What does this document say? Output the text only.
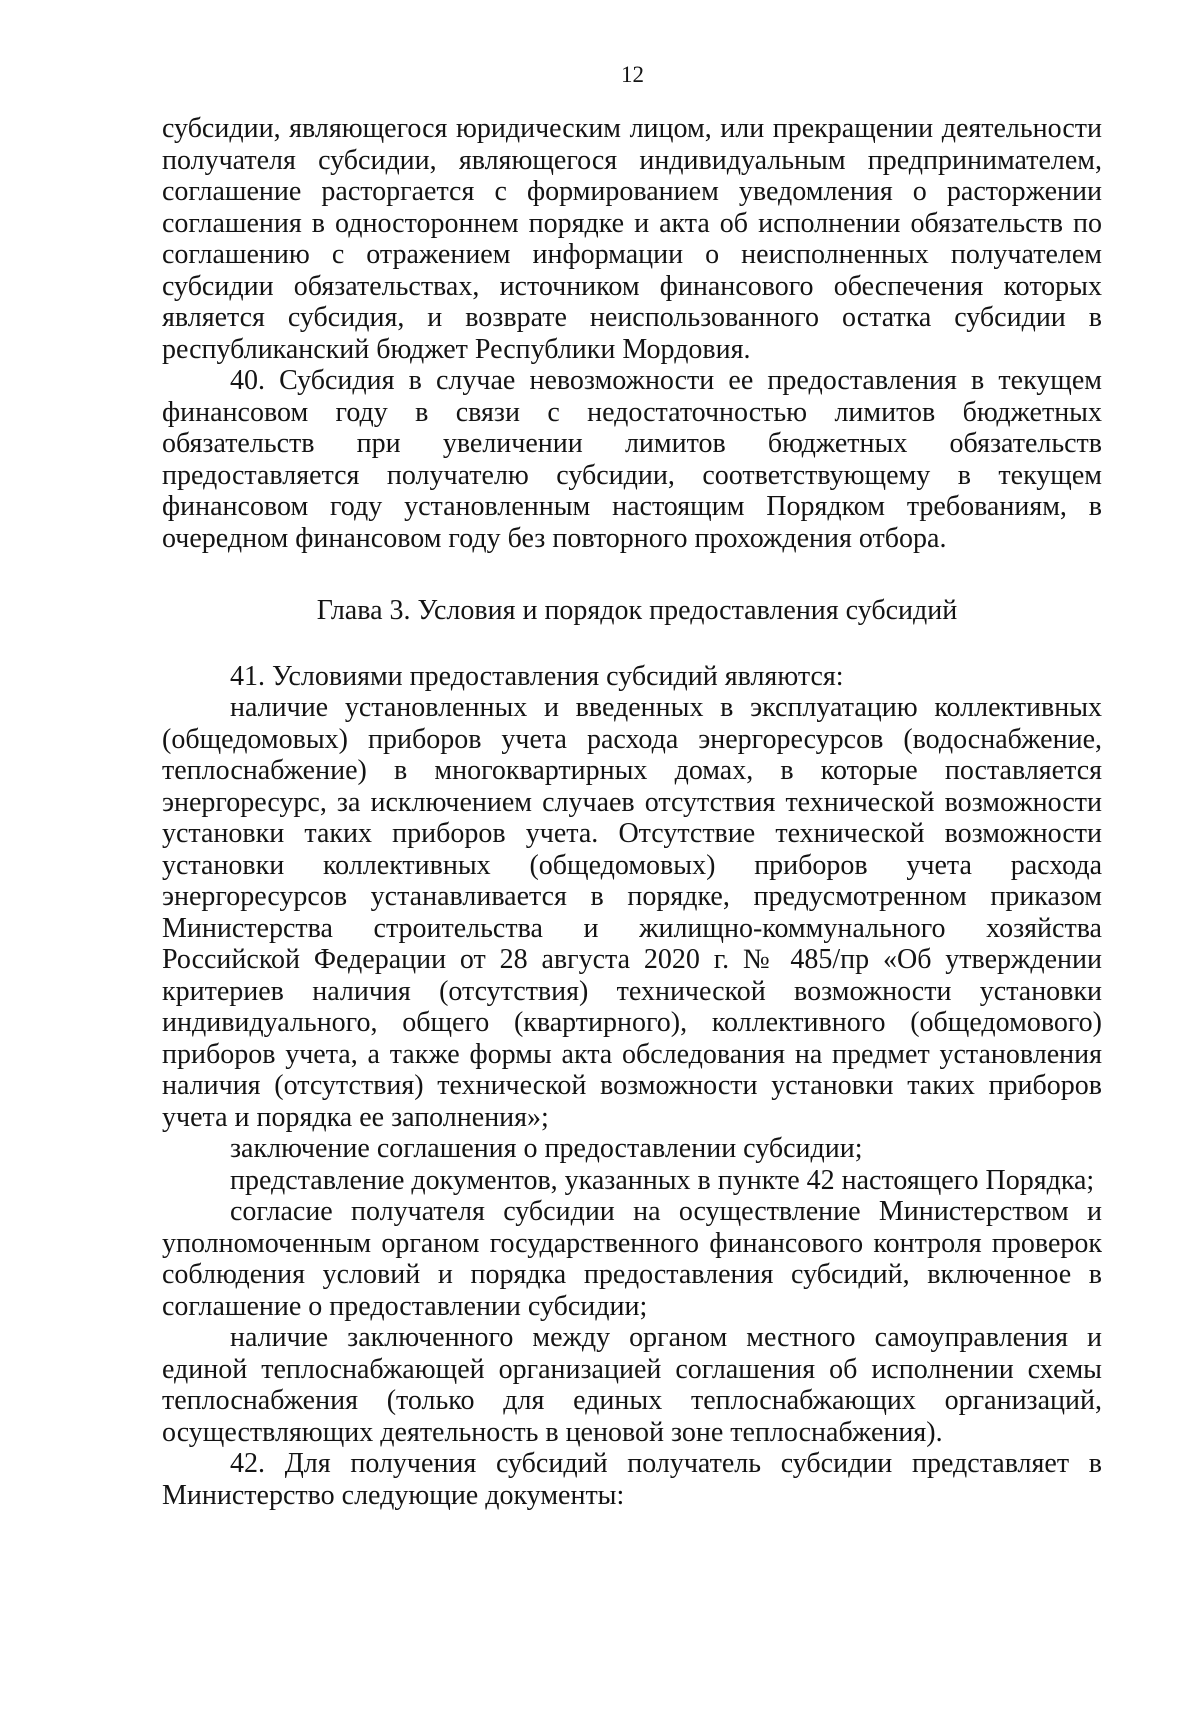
12

субсидии, являющегося юридическим лицом, или прекращении деятельности получателя субсидии, являющегося индивидуальным предпринимателем, соглашение расторгается с формированием уведомления о расторжении соглашения в одностороннем порядке и акта об исполнении обязательств по соглашению с отражением информации о неисполненных получателем субсидии обязательствах, источником финансового обеспечения которых является субсидия, и возврате неиспользованного остатка субсидии в республиканский бюджет Республики Мордовия.

40. Субсидия в случае невозможности ее предоставления в текущем финансовом году в связи с недостаточностью лимитов бюджетных обязательств при увеличении лимитов бюджетных обязательств предоставляется получателю субсидии, соответствующему в текущем финансовом году установленным настоящим Порядком требованиям, в очередном финансовом году без повторного прохождения отбора.

Глава 3. Условия и порядок предоставления субсидий

41. Условиями предоставления субсидий являются:

наличие установленных и введенных в эксплуатацию коллективных (общедомовых) приборов учета расхода энергоресурсов (водоснабжение, теплоснабжение) в многоквартирных домах, в которые поставляется энергоресурс, за исключением случаев отсутствия технической возможности установки таких приборов учета. Отсутствие технической возможности установки коллективных (общедомовых) приборов учета расхода энергоресурсов устанавливается в порядке, предусмотренном приказом Министерства строительства и жилищно-коммунального хозяйства Российской Федерации от 28 августа 2020 г. № 485/пр «Об утверждении критериев наличия (отсутствия) технической возможности установки индивидуального, общего (квартирного), коллективного (общедомового) приборов учета, а также формы акта обследования на предмет установления наличия (отсутствия) технической возможности установки таких приборов учета и порядка ее заполнения»;

заключение соглашения о предоставлении субсидии;

представление документов, указанных в пункте 42 настоящего Порядка;

согласие получателя субсидии на осуществление Министерством и уполномоченным органом государственного финансового контроля проверок соблюдения условий и порядка предоставления субсидий, включенное в соглашение о предоставлении субсидии;

наличие заключенного между органом местного самоуправления и единой теплоснабжающей организацией соглашения об исполнении схемы теплоснабжения (только для единых теплоснабжающих организаций, осуществляющих деятельность в ценовой зоне теплоснабжения).

42. Для получения субсидий получатель субсидии представляет в Министерство следующие документы:
